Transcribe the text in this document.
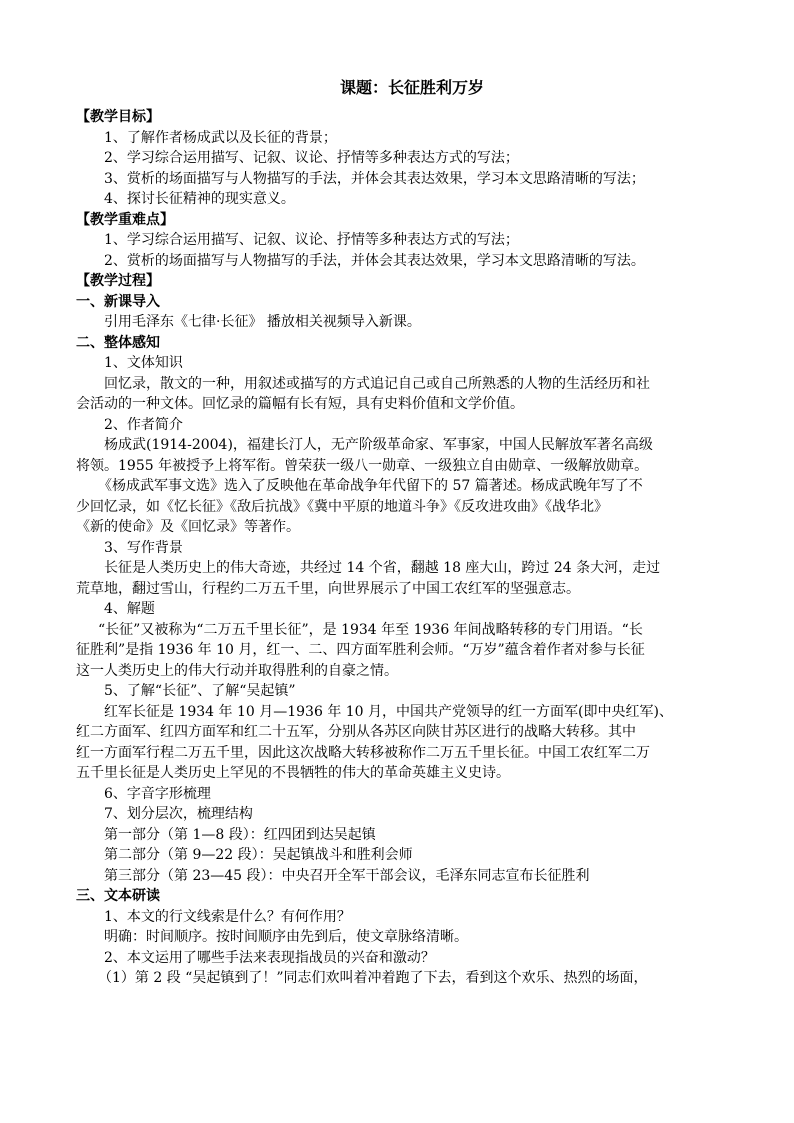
课题：长征胜利万岁
【教学目标】
1、了解作者杨成武以及长征的背景；
2、学习综合运用描写、记叙、议论、抒情等多种表达方式的写法；
3、赏析的场面描写与人物描写的手法，并体会其表达效果，学习本文思路清晰的写法；
4、探讨长征精神的现实意义。
【教学重难点】
1、学习综合运用描写、记叙、议论、抒情等多种表达方式的写法；
2、赏析的场面描写与人物描写的手法，并体会其表达效果，学习本文思路清晰的写法。
【教学过程】
一、新课导入
引用毛泽东《七律·长征》 播放相关视频导入新课。
二、整体感知
1、文体知识
回忆录，散文的一种，用叙述或描写的方式追记自己或自己所熟悉的人物的生活经历和社
会活动的一种文体。回忆录的篇幅有长有短，具有史料价值和文学价值。
2、作者简介
杨成武(1914-2004)，福建长汀人，无产阶级革命家、军事家，中国人民解放军著名高级
将领。1955 年被授予上将军衔。曾荣获一级八一勋章、一级独立自由勋章、一级解放勋章。
《杨成武军事文选》选入了反映他在革命战争年代留下的 57 篇著述。杨成武晚年写了不
少回忆录，如《忆长征》《敌后抗战》《冀中平原的地道斗争》《反攻进攻曲》《战华北》
《新的使命》及《回忆录》等著作。
3、写作背景
长征是人类历史上的伟大奇迹，共经过 14 个省，翻越 18 座大山，跨过 24 条大河，走过
荒草地，翻过雪山，行程约二万五千里，向世界展示了中国工农红军的坚强意志。
4、解题
“长征”又被称为“二万五千里长征”，是 1934 年至 1936 年间战略转移的专门用语。“长
征胜利”是指 1936 年 10 月，红一、二、四方面军胜利会师。“万岁”蕴含着作者对参与长征
这一人类历史上的伟大行动并取得胜利的自豪之情。
5、了解“长征”、了解“吴起镇”
红军长征是 1934 年 10 月—1936 年 10 月，中国共产党领导的红一方面军(即中央红军)、
红二方面军、红四方面军和红二十五军，分别从各苏区向陕甘苏区进行的战略大转移。其中
红一方面军行程二万五千里，因此这次战略大转移被称作二万五千里长征。中国工农红军二万
五千里长征是人类历史上罕见的不畏牺牲的伟大的革命英雄主义史诗。
6、字音字形梳理
7、划分层次，梳理结构
第一部分（第 1—8 段）：红四团到达吴起镇
第二部分（第 9—22 段）：吴起镇战斗和胜利会师
第三部分（第 23—45 段）：中央召开全军干部会议，毛泽东同志宣布长征胜利
三、文本研读
1、本文的行文线索是什么？有何作用？
明确：时间顺序。按时间顺序由先到后，使文章脉络清晰。
2、本文运用了哪些手法来表现指战员的兴奋和激动？
（1）第 2 段 “吴起镇到了！”同志们欢叫着冲着跑了下去，看到这个欢乐、热烈的场面，
